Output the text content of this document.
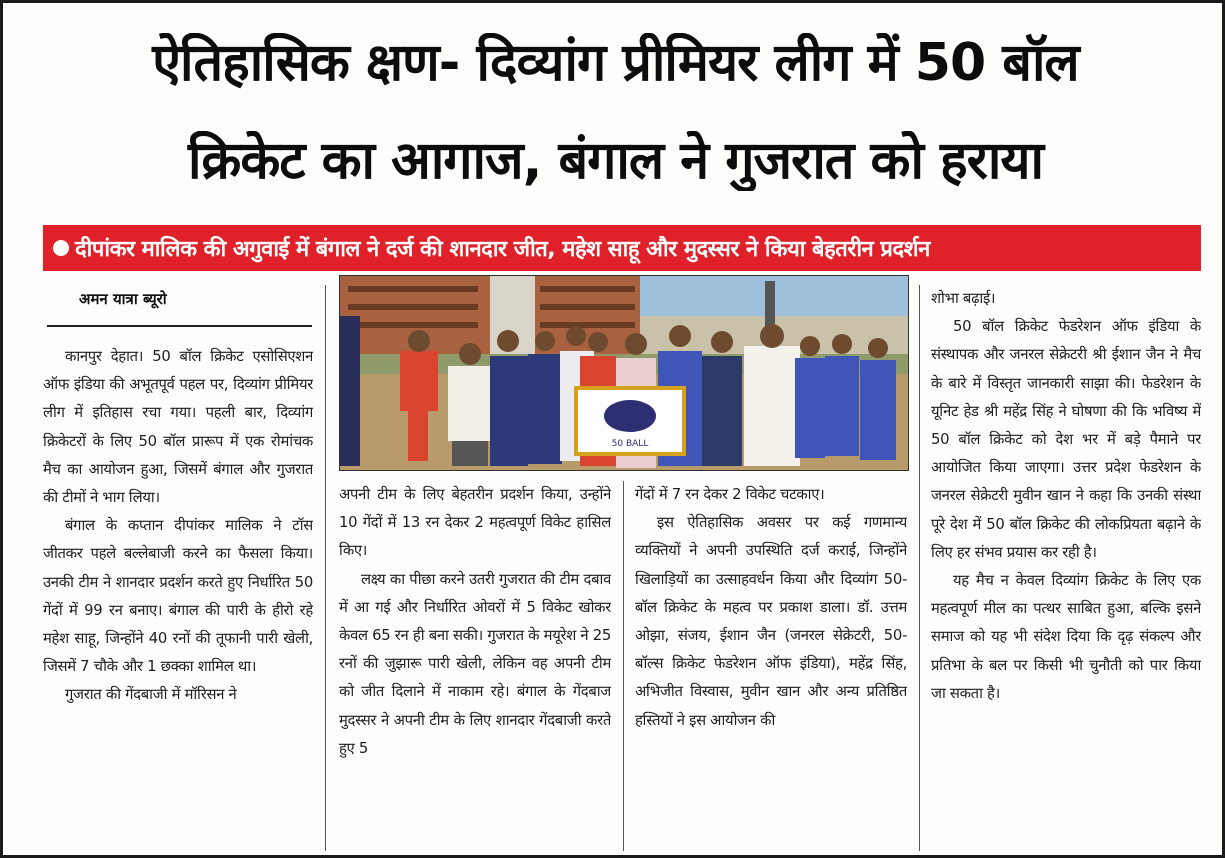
ऐतिहासिक क्षण- दिव्यांग प्रीमियर लीग में 50 बॉल
क्रिकेट का आगाज, बंगाल ने गुजरात को हराया
दीपांकर मालिक की अगुवाई में बंगाल ने दर्ज की शानदार जीत, महेश साहू और मुदस्सर ने किया बेहतरीन प्रदर्शन
अमन यात्रा ब्यूरो

कानपुर देहात। 50 बॉल क्रिकेट एसोसिएशन ऑफ इंडिया की अभूतपूर्व पहल पर, दिव्यांग प्रीमियर लीग में इतिहास रचा गया। पहली बार, दिव्यांग क्रिकेटरों के लिए 50 बॉल प्रारूप में एक रोमांचक मैच का आयोजन हुआ, जिसमें बंगाल और गुजरात की टीमों ने भाग लिया।

बंगाल के कप्तान दीपांकर मालिक ने टॉस जीतकर पहले बल्लेबाजी करने का फैसला किया। उनकी टीम ने शानदार प्रदर्शन करते हुए निर्धारित 50 गेंदों में 99 रन बनाए। बंगाल की पारी के हीरो रहे महेश साहू, जिन्होंने 40 रनों की तूफानी पारी खेली, जिसमें 7 चौके और 1 छक्का शामिल था।

गुजरात की गेंदबाजी में मॉरिसन ने

50 BALL

अपनी टीम के लिए बेहतरीन प्रदर्शन किया, उन्होंने 10 गेंदों में 13 रन देकर 2 महत्वपूर्ण विकेट हासिल किए।

लक्ष्य का पीछा करने उतरी गुजरात की टीम दबाव में आ गई और निर्धारित ओवरों में 5 विकेट खोकर केवल 65 रन ही बना सकी। गुजरात के मयूरेश ने 25 रनों की जुझारू पारी खेली, लेकिन वह अपनी टीम को जीत दिलाने में नाकाम रहे। बंगाल के गेंदबाज मुदस्सर ने अपनी टीम के लिए शानदार गेंदबाजी करते हुए 5

गेंदों में 7 रन देकर 2 विकेट चटकाए।

इस ऐतिहासिक अवसर पर कई गणमान्य व्यक्तियों ने अपनी उपस्थिति दर्ज कराई, जिन्होंने खिलाड़ियों का उत्साहवर्धन किया और दिव्यांग 50-बॉल क्रिकेट के महत्व पर प्रकाश डाला। डॉ. उत्तम ओझा, संजय, ईशान जैन (जनरल सेक्रेटरी, 50-बॉल्स क्रिकेट फेडरेशन ऑफ इंडिया), महेंद्र सिंह, अभिजीत विस्वास, मुवीन खान और अन्य प्रतिष्ठित हस्तियों ने इस आयोजन की

शोभा बढ़ाई।

50 बॉल क्रिकेट फेडरेशन ऑफ इंडिया के संस्थापक और जनरल सेक्रेटरी श्री ईशान जैन ने मैच के बारे में विस्तृत जानकारी साझा की। फेडरेशन के यूनिट हेड श्री महेंद्र सिंह ने घोषणा की कि भविष्य में 50 बॉल क्रिकेट को देश भर में बड़े पैमाने पर आयोजित किया जाएगा। उत्तर प्रदेश फेडरेशन के जनरल सेक्रेटरी मुवीन खान ने कहा कि उनकी संस्था पूरे देश में 50 बॉल क्रिकेट की लोकप्रियता बढ़ाने के लिए हर संभव प्रयास कर रही है।

यह मैच न केवल दिव्यांग क्रिकेट के लिए एक महत्वपूर्ण मील का पत्थर साबित हुआ, बल्कि इसने समाज को यह भी संदेश दिया कि दृढ़ संकल्प और प्रतिभा के बल पर किसी भी चुनौती को पार किया जा सकता है।
